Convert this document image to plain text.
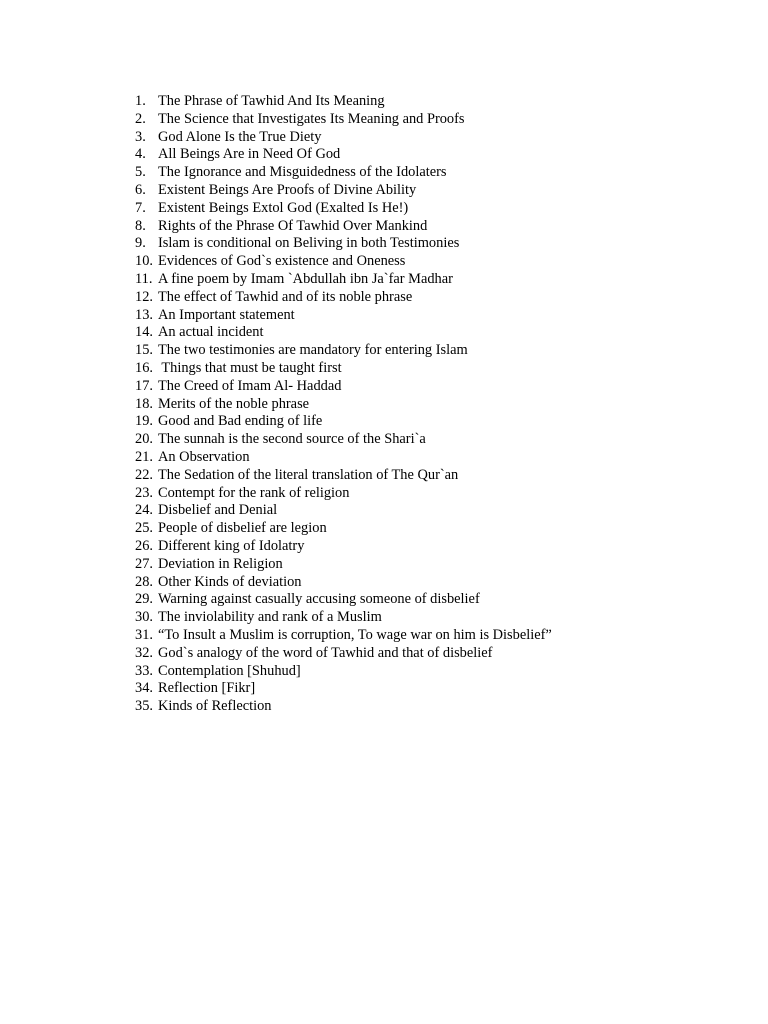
1. The Phrase of Tawhid And Its Meaning
2. The Science that Investigates Its Meaning and Proofs
3. God Alone Is the True Diety
4. All Beings Are in Need Of God
5. The Ignorance and Misguidedness of the Idolaters
6. Existent Beings Are Proofs of Divine Ability
7. Existent Beings Extol God (Exalted Is He!)
8. Rights of the Phrase Of Tawhid Over Mankind
9. Islam is conditional on Beliving in both Testimonies
10. Evidences of God`s existence and Oneness
11. A fine poem by Imam `Abdullah ibn Ja`far Madhar
12. The effect of Tawhid and of its noble phrase
13. An Important statement
14. An actual incident
15. The two testimonies are mandatory for entering Islam
16. Things that must be taught first
17. The Creed of Imam Al- Haddad
18. Merits of the noble phrase
19. Good and Bad ending of life
20. The sunnah is the second source of the Shari`a
21. An Observation
22. The Sedation of the literal translation of The Qur`an
23. Contempt for the rank of religion
24. Disbelief and Denial
25. People of disbelief are legion
26. Different king of Idolatry
27. Deviation in Religion
28. Other Kinds of deviation
29. Warning against casually accusing someone of disbelief
30. The inviolability and rank of a Muslim
31. “To Insult a Muslim is corruption, To wage war on him is Disbelief”
32. God`s analogy of the word of Tawhid and that of disbelief
33. Contemplation [Shuhud]
34. Reflection [Fikr]
35. Kinds of Reflection
